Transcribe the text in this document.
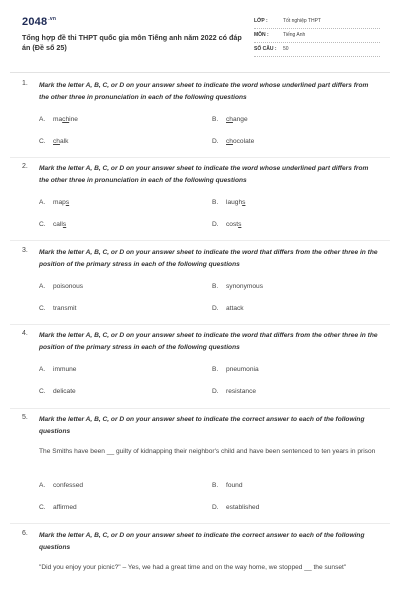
$2048^{.vn}$
Tổng hợp đề thi THPT quốc gia môn Tiếng anh năm 2022 có đáp án (Đề số 25)
LỚP :	Tốt nghiệp THPT
MÔN :	Tiếng Anh
SỐ CÂU : 50
1. Mark the letter A, B, C, or D on your answer sheet to indicate the word whose underlined part differs from the other three in pronunciation in each of the following questions
A. machine	B. change
C. chalk	D. chocolate
2. Mark the letter A, B, C, or D on your answer sheet to indicate the word whose underlined part differs from the other three in pronunciation in each of the following questions
A. maps	B. laughs
C. calls	D. costs
3. Mark the letter A, B, C, or D on your answer sheet to indicate the word that differs from the other three in the position of the primary stress in each of the following questions
A. poisonous	B. synonymous
C. transmit	D. attack
4. Mark the letter A, B, C, or D on your answer sheet to indicate the word that differs from the other three in the position of the primary stress in each of the following questions
A. immune	B. pneumonia
C. delicate	D. resistance
5. Mark the letter A, B, C, or D on your answer sheet to indicate the correct answer to each of the following questions
The Smiths have been __ guilty of kidnapping their neighbor's child and have been sentenced to ten years in prison
A. confessed	B. found
C. affirmed	D. established
6. Mark the letter A, B, C, or D on your answer sheet to indicate the correct answer to each of the following questions
"Did you enjoy your picnic?" – Yes, we had a great time and on the way home, we stopped __ the sunset"
